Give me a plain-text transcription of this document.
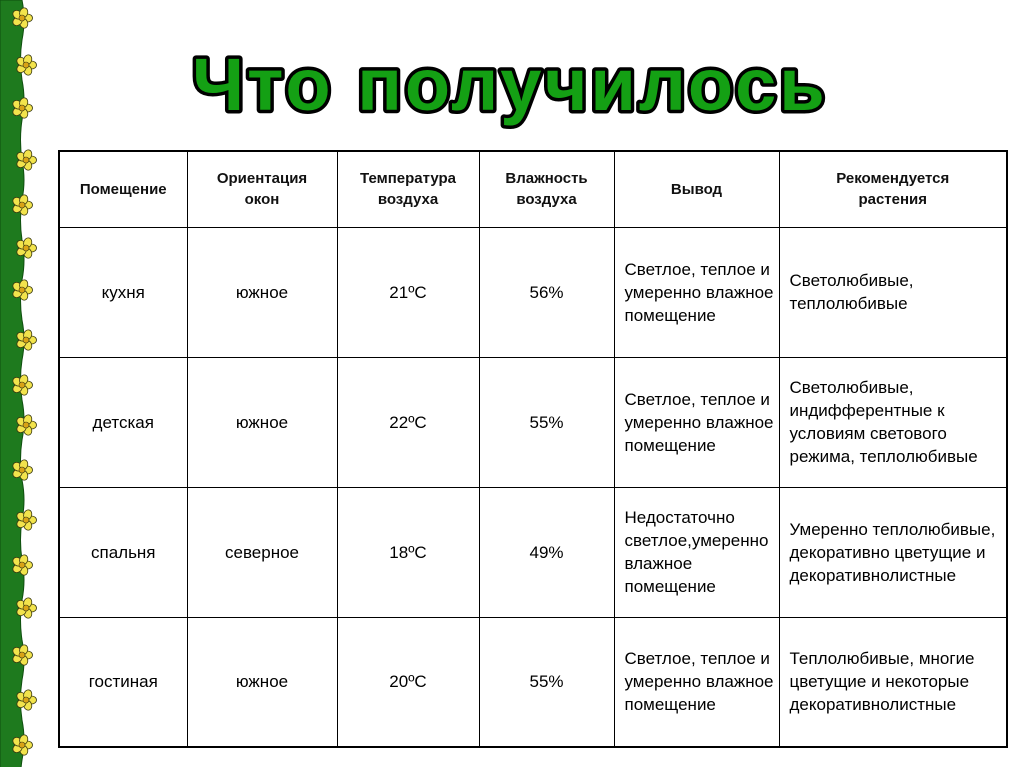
Что получилось
Помещение	Ориентация окон	Температура воздуха	Влажность воздуха	Вывод	Рекомендуется растения
кухня	южное	21ºС	56%	Светлое, теплое и умеренно влажное помещение	Светолюбивые, теплолюбивые
детская	южное	22ºС	55%	Светлое, теплое и умеренно влажное помещение	Светолюбивые, индифферентные к условиям светового режима, теплолюбивые
спальня	северное	18ºС	49%	Недостаточно светлое,умеренно влажное помещение	Умеренно теплолюбивые, декоративно цветущие и декоративнолистные
гостиная	южное	20ºС	55%	Светлое, теплое и умеренно влажное помещение	Теплолюбивые, многие цветущие и некоторые декоративнолистные
